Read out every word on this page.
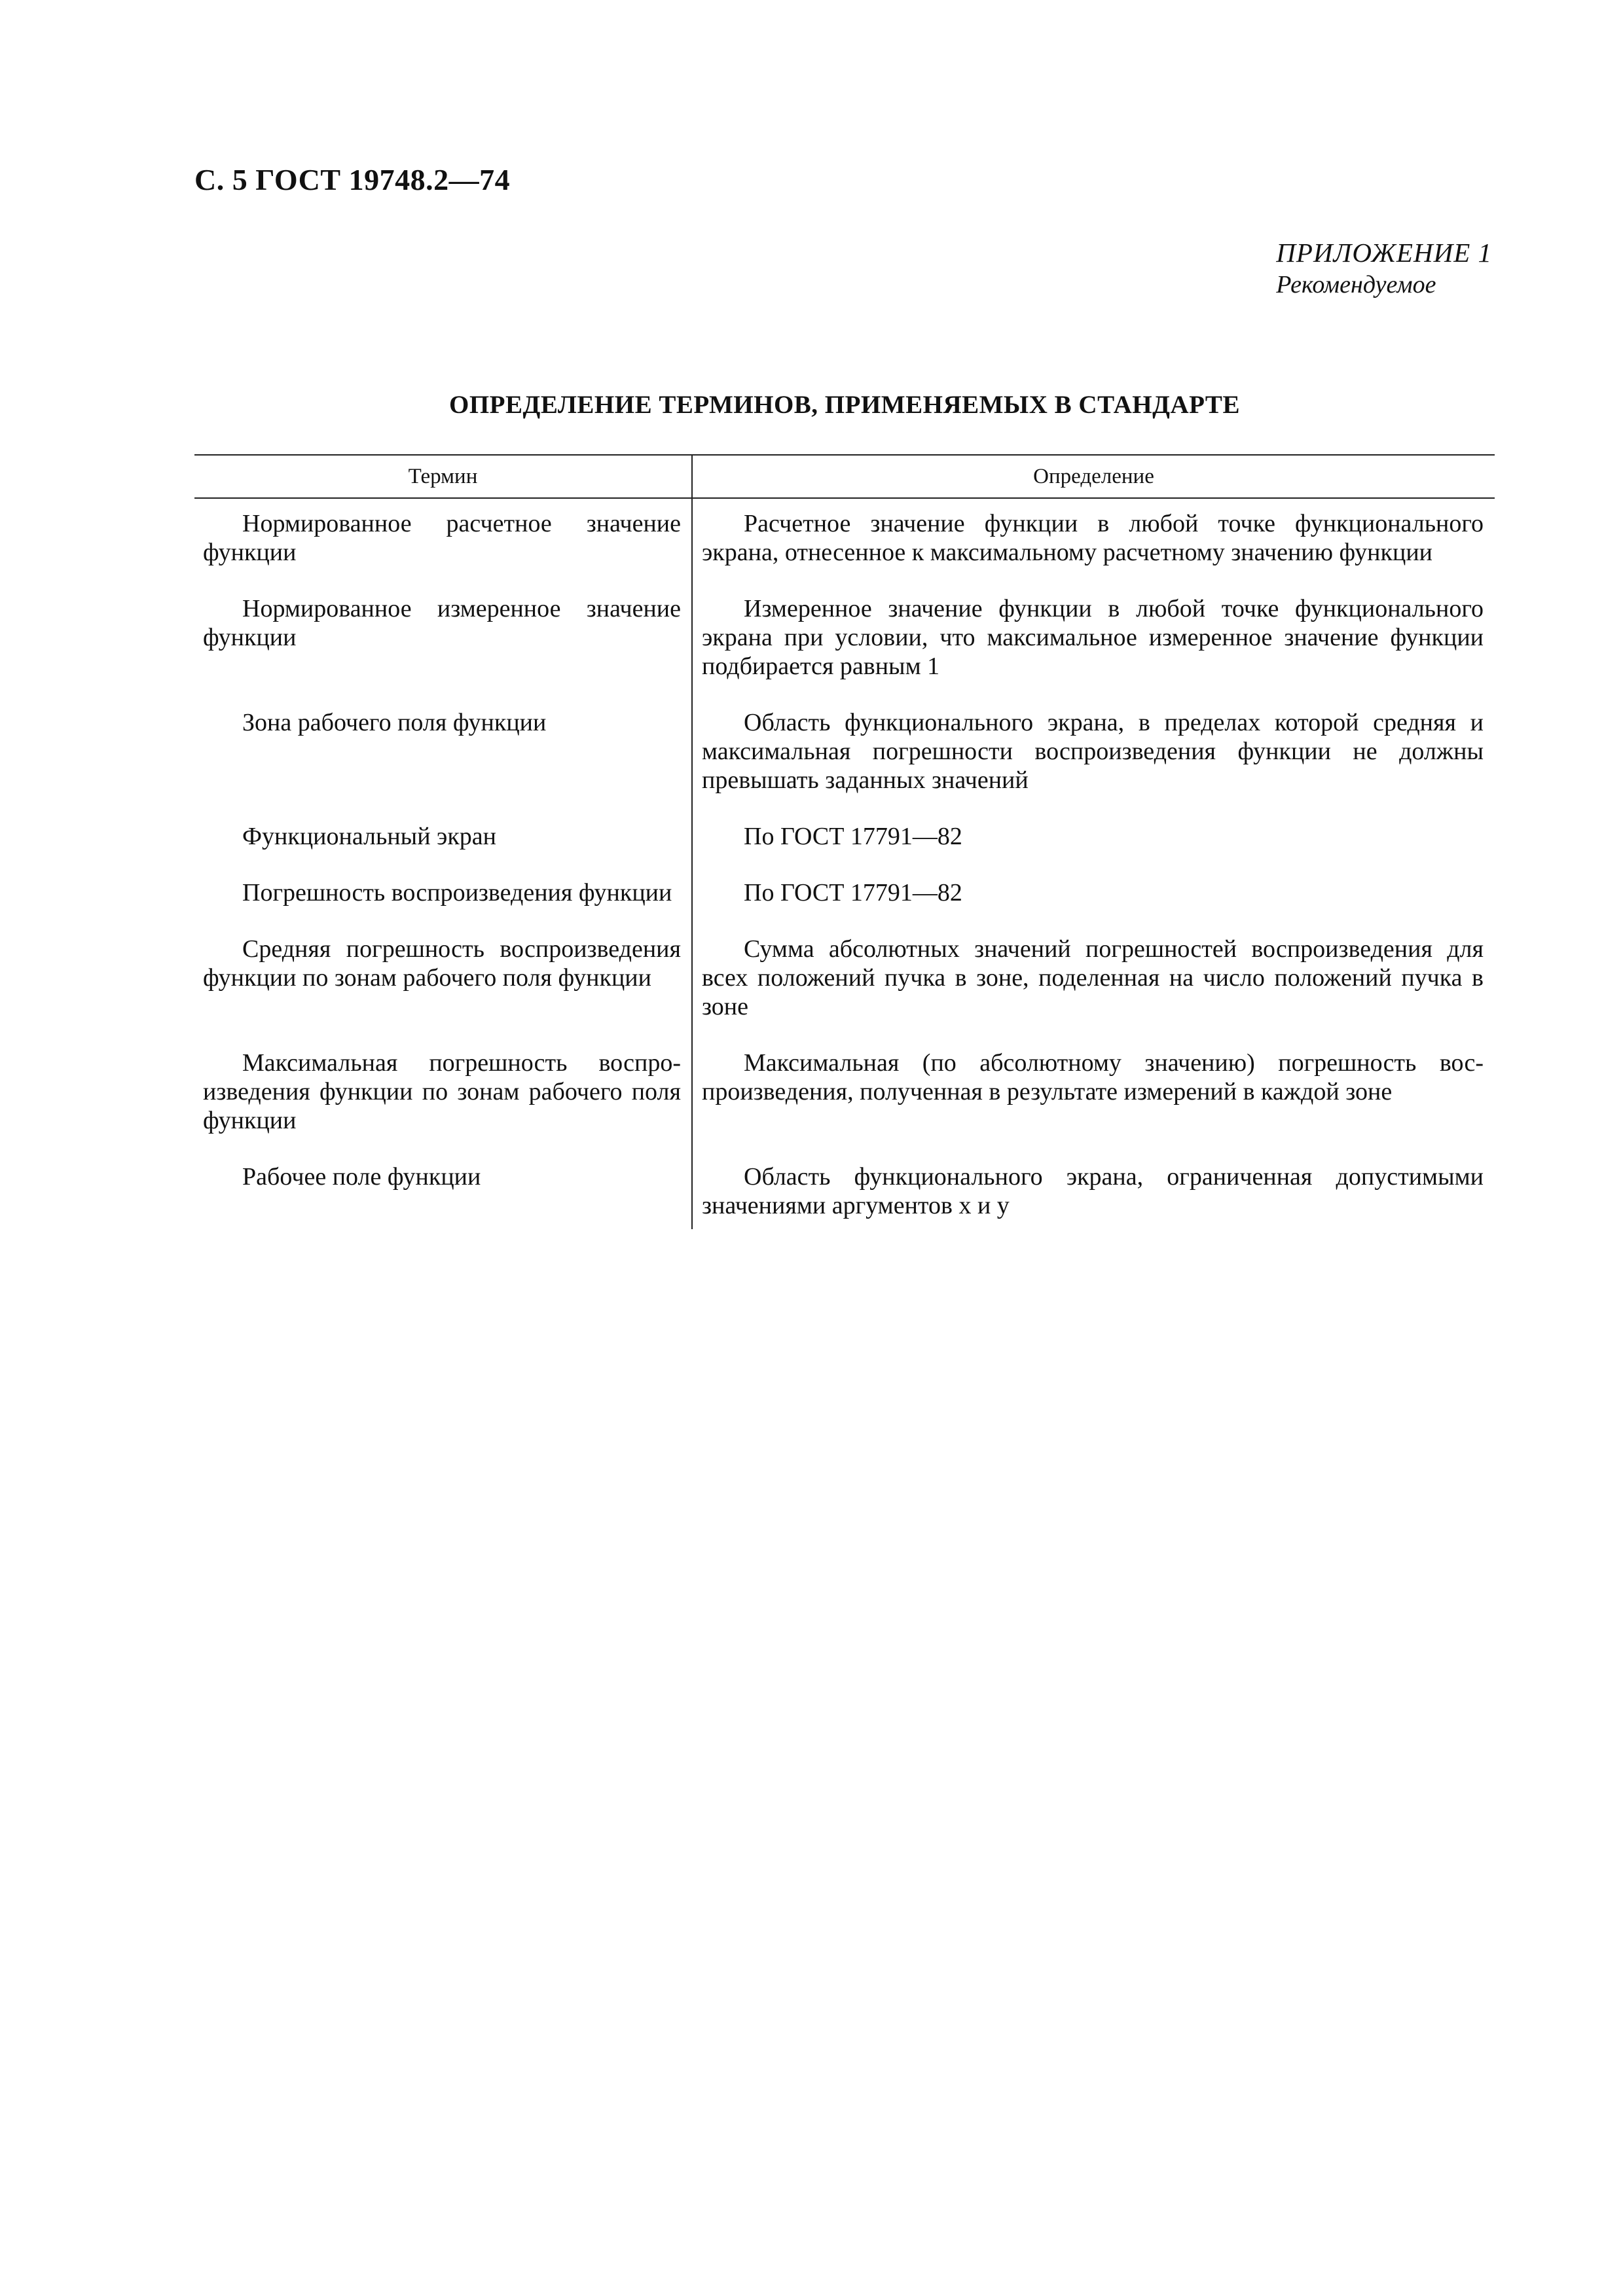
С. 5 ГОСТ 19748.2—74
ПРИЛОЖЕНИЕ 1
Рекомендуемое
ОПРЕДЕЛЕНИЕ ТЕРМИНОВ, ПРИМЕНЯЕМЫХ В СТАНДАРТЕ
Термин	Определение
Нормированное расчетное значение функции	Расчетное значение функции в любой точке функционального экрана, отнесенное к максимальному расчетному значению функции
Нормированное измеренное значение функции	Измеренное значение функции в любой точке функционального экрана при условии, что максимальное измеренное значение функции подбирается равным 1
Зона рабочего поля функции	Область функционального экрана, в пределах которой средняя и максимальная погрешности воспроизведения функции не должны превышать заданных значений
Функциональный экран	По ГОСТ 17791—82
Погрешность воспроизведения функции	По ГОСТ 17791—82
Средняя погрешность воспроизведения функции по зонам рабочего поля функции	Сумма абсолютных значений погрешностей воспроизведения для всех положений пучка в зоне, поделенная на число положений пучка в зоне
Максимальная погрешность воспроизведения функции по зонам рабочего поля функции	Максимальная (по абсолютному значению) погрешность воспроизведения, полученная в результате измерений в каждой зоне
Рабочее поле функции	Область функционального экрана, ограниченная допустимыми значениями аргументов x и y
